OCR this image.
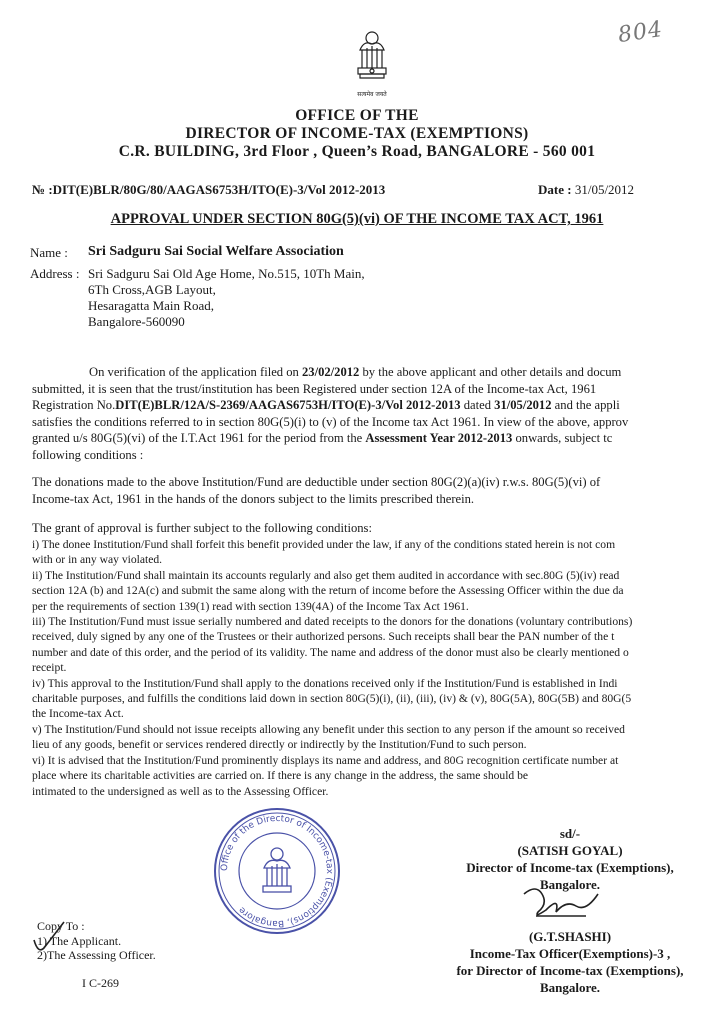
सत्यमेव जयते
804
OFFICE OF THE
DIRECTOR OF INCOME-TAX (EXEMPTIONS)
C.R. BUILDING, 3rd Floor , Queen’s Road, BANGALORE - 560 001
№ :DIT(E)BLR/80G/80/AAGAS6753H/ITO(E)-3/Vol 2012-2013	Date : 31/05/2012
APPROVAL UNDER SECTION 80G(5)(vi) OF THE INCOME TAX ACT, 1961
Name : Sri Sadguru Sai Social Welfare Association
Address : Sri Sadguru Sai Old Age Home, No.515, 10Th Main,
6Th Cross,AGB Layout,
Hesaragatta Main Road,
Bangalore-560090
On verification of the application filed on 23/02/2012 by the above applicant and other details and docum
submitted, it is seen that the trust/institution has been Registered under section 12A of the Income-tax Act, 1961
Registration No.DIT(E)BLR/12A/S-2369/AAGAS6753H/ITO(E)-3/Vol 2012-2013 dated 31/05/2012 and the appli
satisfies the conditions referred to in section 80G(5)(i) to (v) of the Income tax Act 1961. In view of the above, approv
granted u/s 80G(5)(vi) of the I.T.Act 1961 for the period from the Assessment Year 2012-2013 onwards, subject tc
following conditions :
The donations made to the above Institution/Fund are deductible under section 80G(2)(a)(iv) r.w.s. 80G(5)(vi) of
Income-tax Act, 1961 in the hands of the donors subject to the limits prescribed therein.
The grant of approval is further subject to the following conditions:
i) The donee Institution/Fund shall forfeit this benefit provided under the law, if any of the conditions stated herein is not com
with or in any way violated.
ii) The Institution/Fund shall maintain its accounts regularly and also get them audited in accordance with sec.80G (5)(iv) read
section 12A (b) and 12A(c) and submit the same along with the return of income before the Assessing Officer within the due da
per the requirements of section 139(1) read with section 139(4A) of the Income Tax Act 1961.
iii) The Institution/Fund must issue serially numbered and dated receipts to the donors for the donations (voluntary contributions)
received, duly signed by any one of the Trustees or their authorized persons. Such receipts shall bear the PAN number of the t
number and date of this order, and the period of its validity. The name and address of the donor must also be clearly mentioned o
receipt.
iv) This approval to the Institution/Fund shall apply to the donations received only if the Institution/Fund is established in Indi
charitable purposes, and fulfills the conditions laid down in section 80G(5)(i), (ii), (iii), (iv) & (v), 80G(5A), 80G(5B) and 80G(5
the Income-tax Act.
v) The Institution/Fund should not issue receipts allowing any benefit under this section to any person if the amount so received
lieu of any goods, benefit or services rendered directly or indirectly by the Institution/Fund to such person.
vi) It is advised that the Institution/Fund prominently displays its name and address, and 80G recognition certificate number at
place where its charitable activities are carried on. If there is any change in the address, the same should be
intimated to the undersigned as well as to the Assessing Officer.
Office of the Director of Income-tax (Exemptions), Bangalore
sd/-
(SATISH GOYAL)
Director of Income-tax (Exemptions),
Bangalore.
(G.T.SHASHI)
Income-Tax Officer(Exemptions)-3 ,
for Director of Income-tax (Exemptions),
Bangalore.
Copy To :
1) The Applicant.
2)The Assessing Officer.
I C-269
